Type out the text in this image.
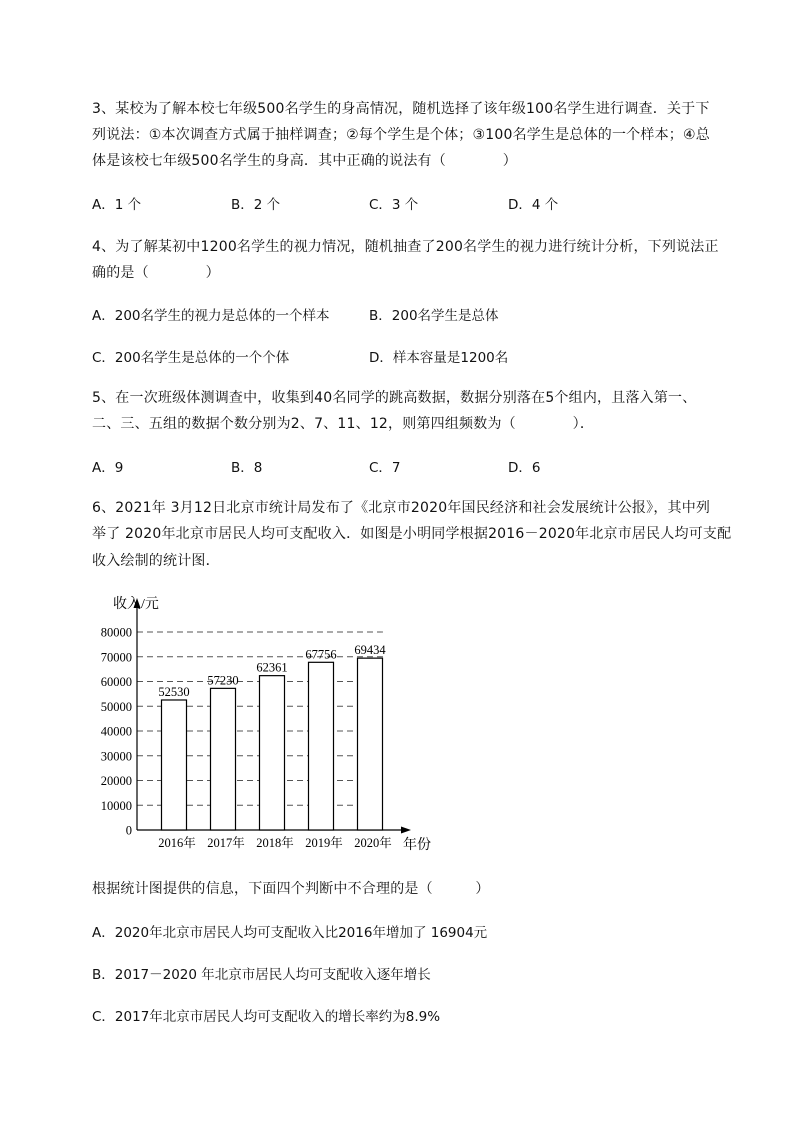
3、某校为了解本校七年级500名学生的身高情况，随机选择了该年级100名学生进行调查．关于下
列说法：①本次调查方式属于抽样调查；②每个学生是个体；③100名学生是总体的一个样本；④总
体是该校七年级500名学生的身高．其中正确的说法有（　　　　）
A．1 个	B．2 个	C．3 个	D．4 个
4、为了解某初中1200名学生的视力情况，随机抽查了200名学生的视力进行统计分析，下列说法正
确的是（　　　　）
A．200名学生的视力是总体的一个样本	B．200名学生是总体
C．200名学生是总体的一个个体	D．样本容量是1200名
5、在一次班级体测调查中，收集到40名同学的跳高数据，数据分别落在5个组内，且落入第一、
二、三、五组的数据个数分别为2、7、11、12，则第四组频数为（　　　　）．
A．9	B．8	C．7	D．6
6、2021年 3月12日北京市统计局发布了《北京市2020年国民经济和社会发展统计公报》，其中列
举了 2020年北京市居民人均可支配收入．如图是小明同学根据2016－2020年北京市居民人均可支配
收入绘制的统计图．
收入/元
年份
0
10000
20000
30000
40000
50000
60000
70000
80000
52530
57230
62361
67756 69434
2016年 2017年 2018年 2019年 2020年
根据统计图提供的信息，下面四个判断中不合理的是（　　　）
A．2020年北京市居民人均可支配收入比2016年增加了 16904元
B．2017－2020 年北京市居民人均可支配收入逐年增长
C．2017年北京市居民人均可支配收入的增长率约为8.9%
